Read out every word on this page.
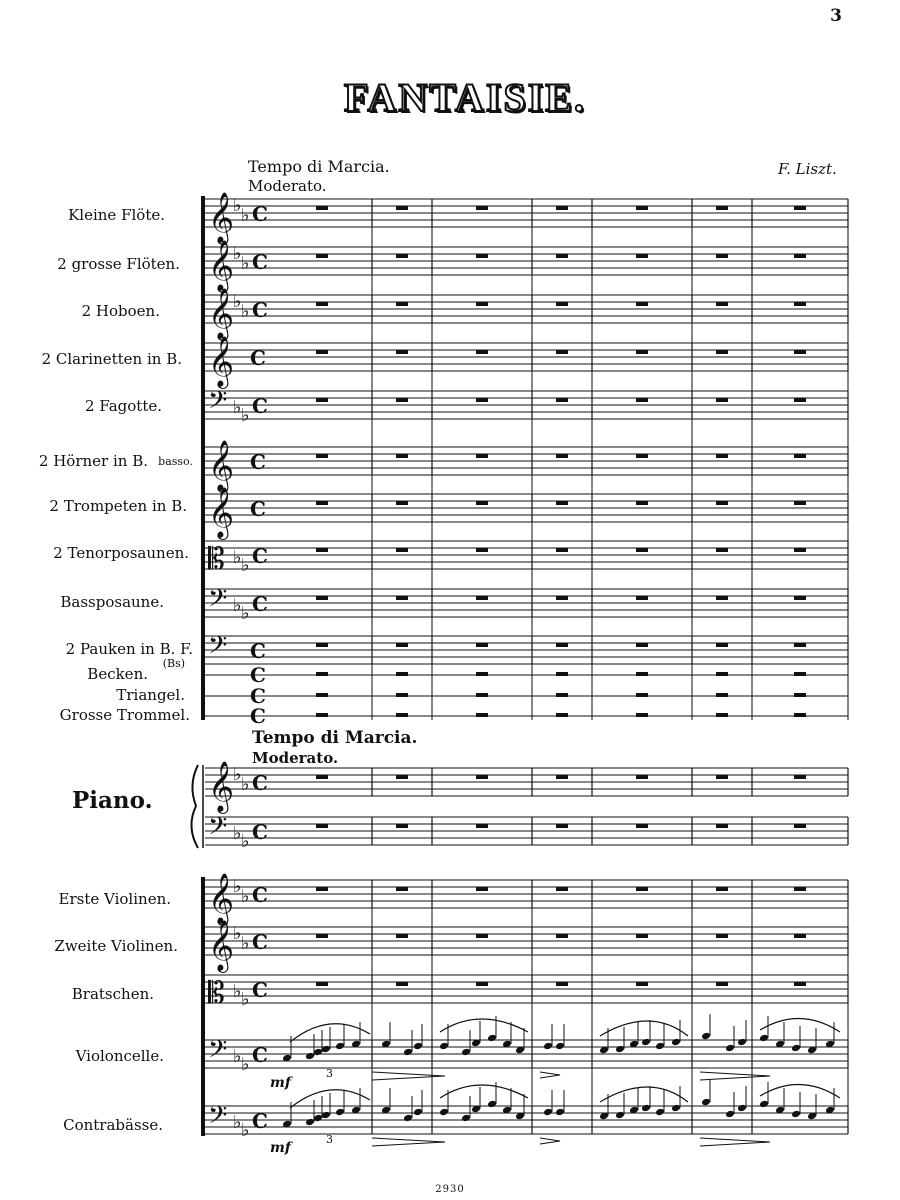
3
FANTAISIE.
Tempo di Marcia.
Moderato.
F. Liszt.
Kleine Flöte.
2 grosse Flöten.
2 Hoboen.
2 Clarinetten in B.
2 Fagotte.
2 Hörner in B. basso.
2 Trompeten in B.
2 Tenorposaunen.
Bassposaune.
2 Pauken in B. F.
Becken.
(Bs)
Triangel.
Grosse Trommel.
Tempo di Marcia.
Moderato.
Piano.
Erste Violinen.
Zweite Violinen.
Bratschen.
Violoncelle.
Contrabässe.
mf
mf
3
3
2930
𝄞
♭ ♭ C
𝄞
♭ ♭ C
𝄞
♭ ♭ C
𝄞 C
𝄢 ♭ ♭ C
𝄞 C
𝄞 C
𝄡 ♭ ♭ C
𝄢 ♭ ♭ C
𝄢 C
𝄞
♭ ♭ C
𝄢 ♭ ♭ C
𝄞
♭ ♭ C
𝄞
♭ ♭ C
𝄡 ♭ ♭ C
𝄢 ♭ ♭ C
𝄢 ♭ ♭ C
C
C
C
